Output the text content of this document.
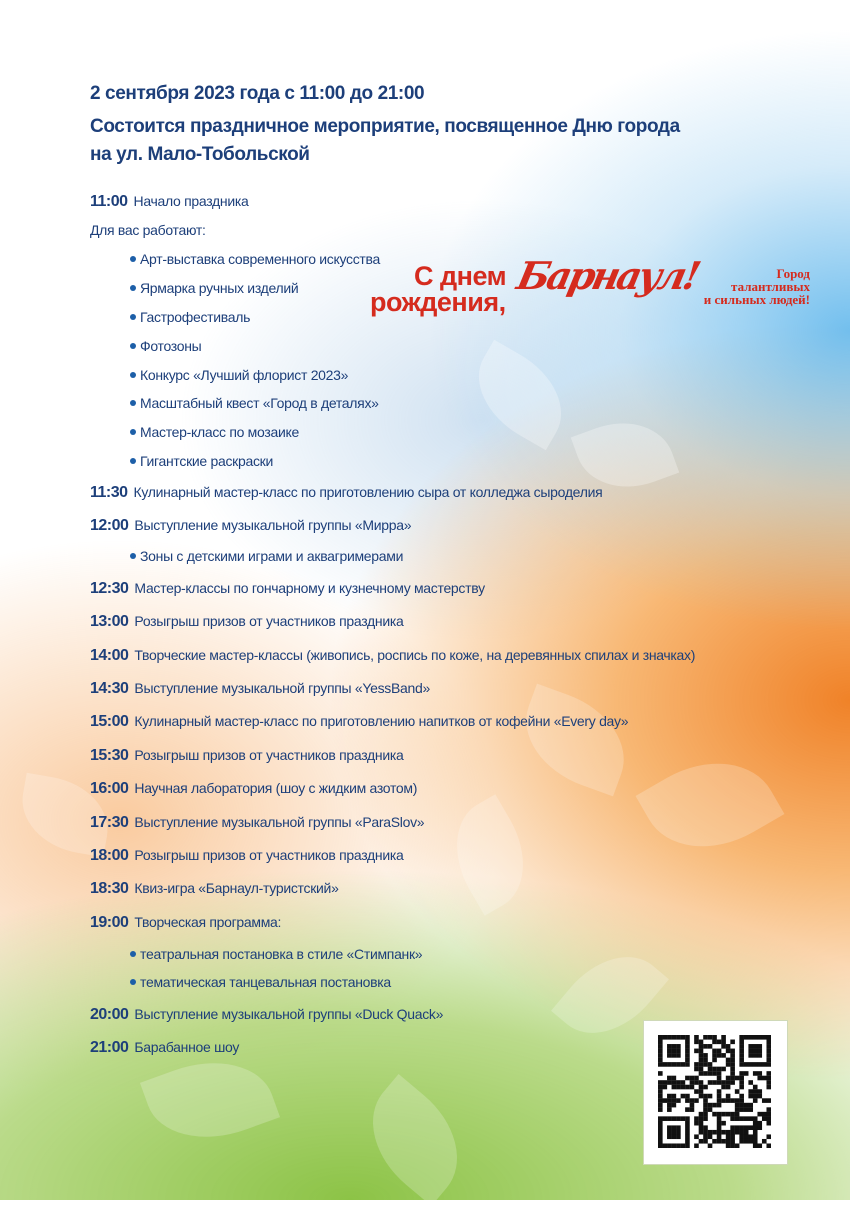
2 сентября 2023 года с 11:00 до 21:00
Состоится праздничное мероприятие, посвященное Дню города
на ул. Мало-Тобольской
С днем
рождения,
Барнаул!	Город
талантливых
и сильных людей!
11:00 Начало праздника
Для вас работают:
Арт-выставка современного искусства
Ярмарка ручных изделий
Гастрофестиваль
Фотозоны
Конкурс «Лучший флорист 2023»
Масштабный квест «Город в деталях»
Мастер-класс по мозаике
Гигантские раскраски
11:30 Кулинарный мастер-класс по приготовлению сыра от колледжа сыроделия
12:00 Выступление музыкальной группы «Мирра»
Зоны с детскими играми и аквагримерами
12:30 Мастер-классы по гончарному и кузнечному мастерству
13:00 Розыгрыш призов от участников праздника
14:00 Творческие мастер-классы (живопись, роспись по коже, на деревянных спилах и значках)
14:30 Выступление музыкальной группы «YessBand»
15:00 Кулинарный мастер-класс по приготовлению напитков от кофейни «Every day»
15:30 Розыгрыш призов от участников праздника
16:00 Научная лаборатория (шоу с жидким азотом)
17:30 Выступление музыкальной группы «ParaSlov»
18:00 Розыгрыш призов от участников праздника
18:30 Квиз-игра «Барнаул-туристский»
19:00 Творческая программа:
театральная постановка в стиле «Стимпанк»
тематическая танцевальная постановка
20:00 Выступление музыкальной группы «Duck Quack»
21:00 Барабанное шоу
